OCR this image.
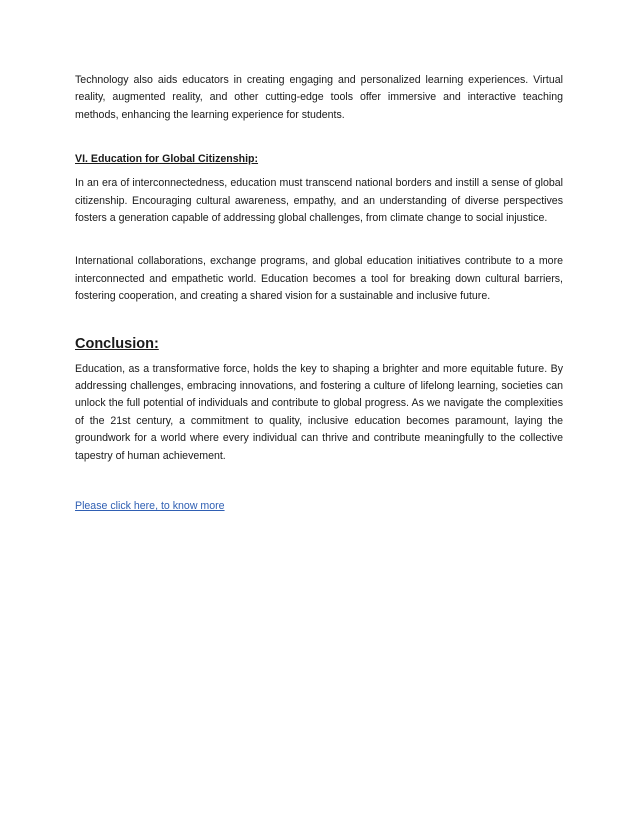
Technology also aids educators in creating engaging and personalized learning experiences. Virtual reality, augmented reality, and other cutting-edge tools offer immersive and interactive teaching methods, enhancing the learning experience for students.

VI. Education for Global Citizenship:

In an era of interconnectedness, education must transcend national borders and instill a sense of global citizenship. Encouraging cultural awareness, empathy, and an understanding of diverse perspectives fosters a generation capable of addressing global challenges, from climate change to social injustice.

International collaborations, exchange programs, and global education initiatives contribute to a more interconnected and empathetic world. Education becomes a tool for breaking down cultural barriers, fostering cooperation, and creating a shared vision for a sustainable and inclusive future.

Conclusion:

Education, as a transformative force, holds the key to shaping a brighter and more equitable future. By addressing challenges, embracing innovations, and fostering a culture of lifelong learning, societies can unlock the full potential of individuals and contribute to global progress. As we navigate the complexities of the 21st century, a commitment to quality, inclusive education becomes paramount, laying the groundwork for a world where every individual can thrive and contribute meaningfully to the collective tapestry of human achievement.

Please click here, to know more
